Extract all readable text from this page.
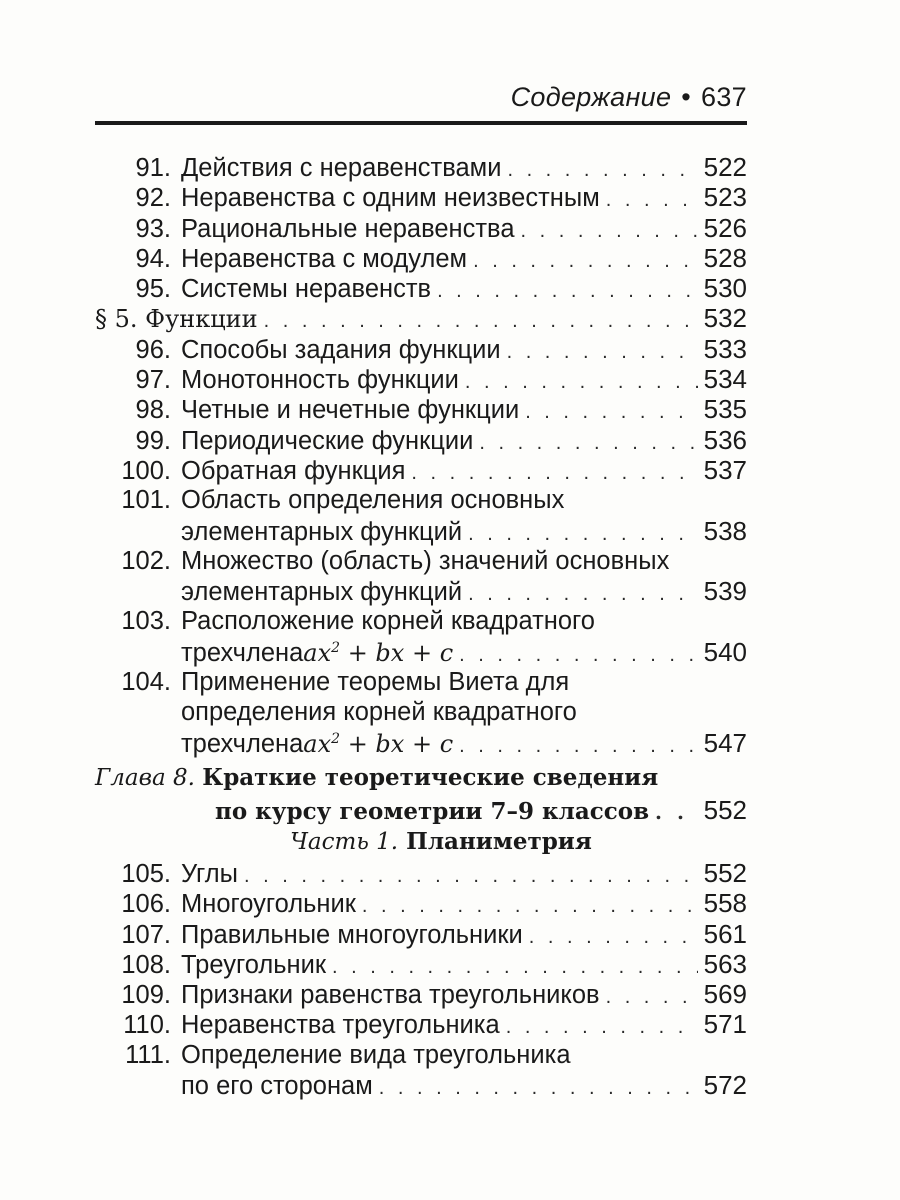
Содержание • 637
91. Действия с неравенствами . . .	522
92. Неравенства с одним неизвестным . . .	523
93. Рациональные неравенства . . .	526
94. Неравенства с модулем . . .	528
95. Системы неравенств . . .	530
§ 5. Функции . . .	532
96. Способы задания функции . . .	533
97. Монотонность функции . . .	534
98. Четные и нечетные функции . . .	535
99. Периодические функции . . .	536
100. Обратная функция . . .	537
101. Область определения основных
элементарных функций . . .	538
102. Множество (область) значений основных
элементарных функций . . .	539
103. Расположение корней квадратного
трехчлена $ax^2$ + bx + c . . .	540
104. Применение теоремы Виета для
определения корней квадратного
трехчлена $ax^2$ + bx + c . . .	547
Глава 8. Краткие теоретические сведения
по курсу геометрии 7–9 классов . . . 552
Часть 1. Планиметрия
105. Углы . . .	552
106. Многоугольник . . .	558
107. Правильные многоугольники . . .	561
108. Треугольник . . .	563
109. Признаки равенства треугольников . . .	569
110. Неравенства треугольника . . .	571
111. Определение вида треугольника
по его сторонам . . .	572
